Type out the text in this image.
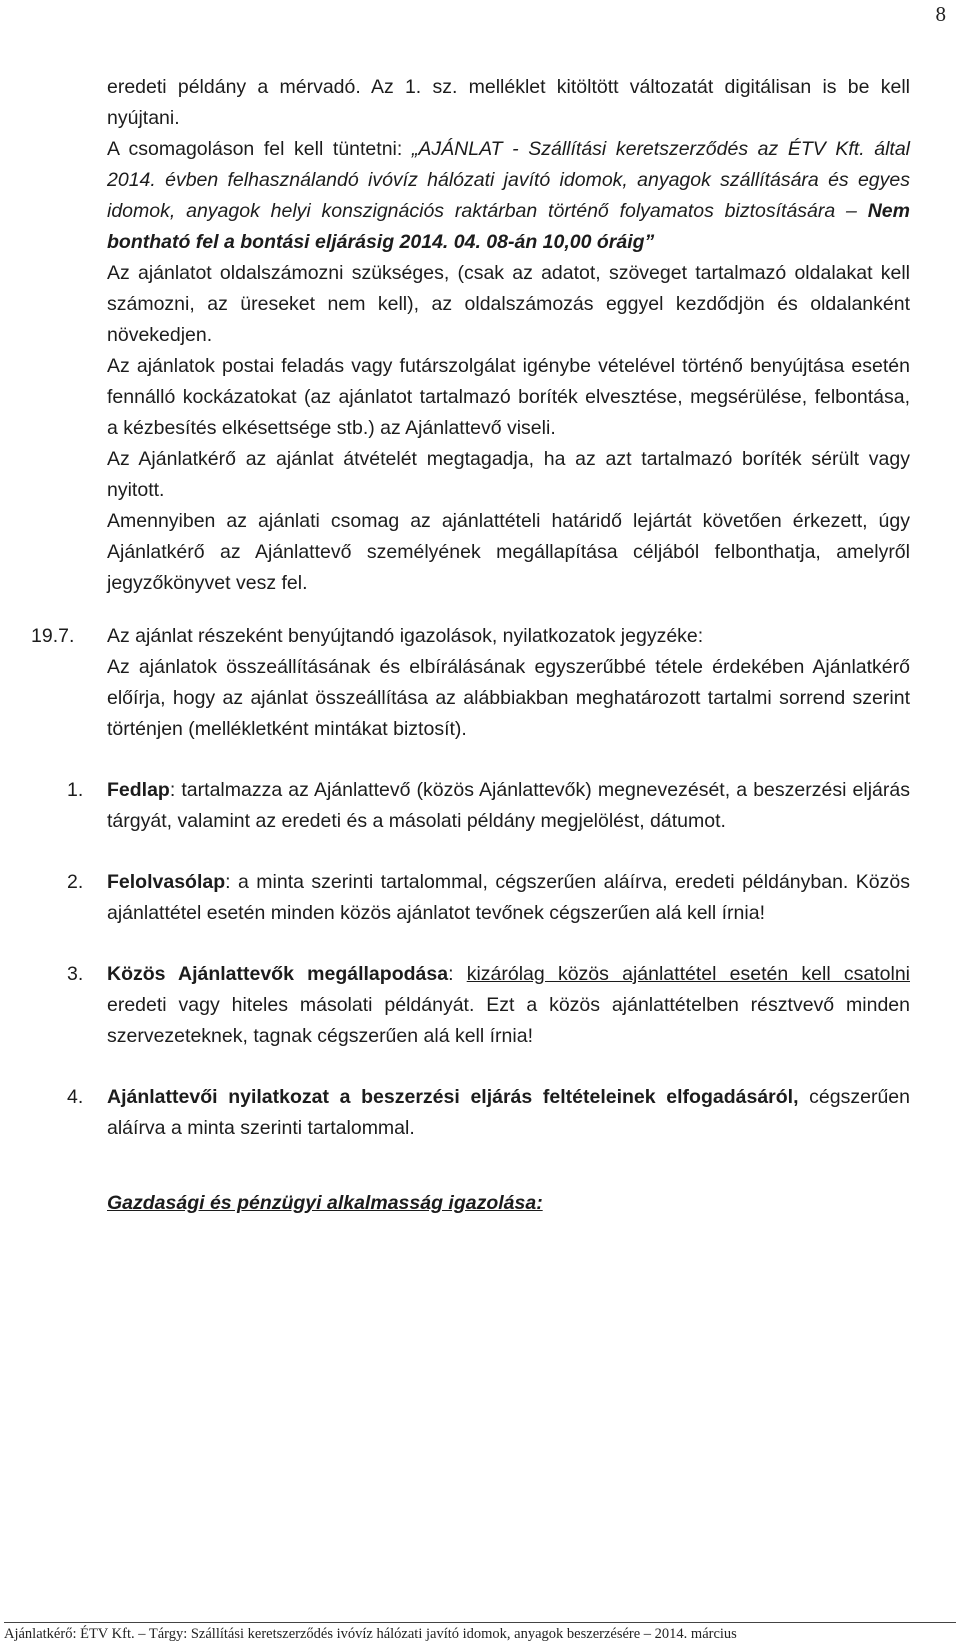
8

eredeti példány a mérvadó. Az 1. sz. melléklet kitöltött változatát digitálisan is be kell nyújtani.

A csomagoláson fel kell tüntetni: „AJÁNLAT - Szállítási keretszerződés az ÉTV Kft. által 2014. évben felhasználandó ivóvíz hálózati javító idomok, anyagok szállítására és egyes idomok, anyagok helyi konszignációs raktárban történő folyamatos biztosítására – Nem bontható fel a bontási eljárásig 2014. 04. 08-án 10,00 óráig”

Az ajánlatot oldalszámozni szükséges, (csak az adatot, szöveget tartalmazó oldalakat kell számozni, az üreseket nem kell), az oldalszámozás eggyel kezdődjön és oldalanként növekedjen.

Az ajánlatok postai feladás vagy futárszolgálat igénybe vételével történő benyújtása esetén fennálló kockázatokat (az ajánlatot tartalmazó boríték elvesztése, megsérülése, felbontása, a kézbesítés elkésettsége stb.) az Ajánlattevő viseli.

Az Ajánlatkérő az ajánlat átvételét megtagadja, ha az azt tartalmazó boríték sérült vagy nyitott.

Amennyiben az ajánlati csomag az ajánlattételi határidő lejártát követően érkezett, úgy Ajánlatkérő az Ajánlattevő személyének megállapítása céljából felbonthatja, amelyről jegyzőkönyvet vesz fel.

19.7. Az ajánlat részeként benyújtandó igazolások, nyilatkozatok jegyzéke:

Az ajánlatok összeállításának és elbírálásának egyszerűbbé tétele érdekében Ajánlatkérő előírja, hogy az ajánlat összeállítása az alábbiakban meghatározott tartalmi sorrend szerint történjen (mellékletként mintákat biztosít).

1. Fedlap: tartalmazza az Ajánlattevő (közös Ajánlattevők) megnevezését, a beszerzési eljárás tárgyát, valamint az eredeti és a másolati példány megjelölést, dátumot.

2. Felolvasólap: a minta szerinti tartalommal, cégszerűen aláírva, eredeti példányban. Közös ajánlattétel esetén minden közös ajánlatot tevőnek cégszerűen alá kell írnia!

3. Közös Ajánlattevők megállapodása: kizárólag közös ajánlattétel esetén kell csatolni eredeti vagy hiteles másolati példányát. Ezt a közös ajánlattételben résztvevő minden szervezeteknek, tagnak cégszerűen alá kell írnia!

4. Ajánlattevői nyilatkozat a beszerzési eljárás feltételeinek elfogadásáról, cégszerűen aláírva a minta szerinti tartalommal.

Gazdasági és pénzügyi alkalmasság igazolása:

Ajánlatkérő: ÉTV Kft. – Tárgy: Szállítási keretszerződés ivóvíz hálózati javító idomok, anyagok beszerzésére – 2014. március
